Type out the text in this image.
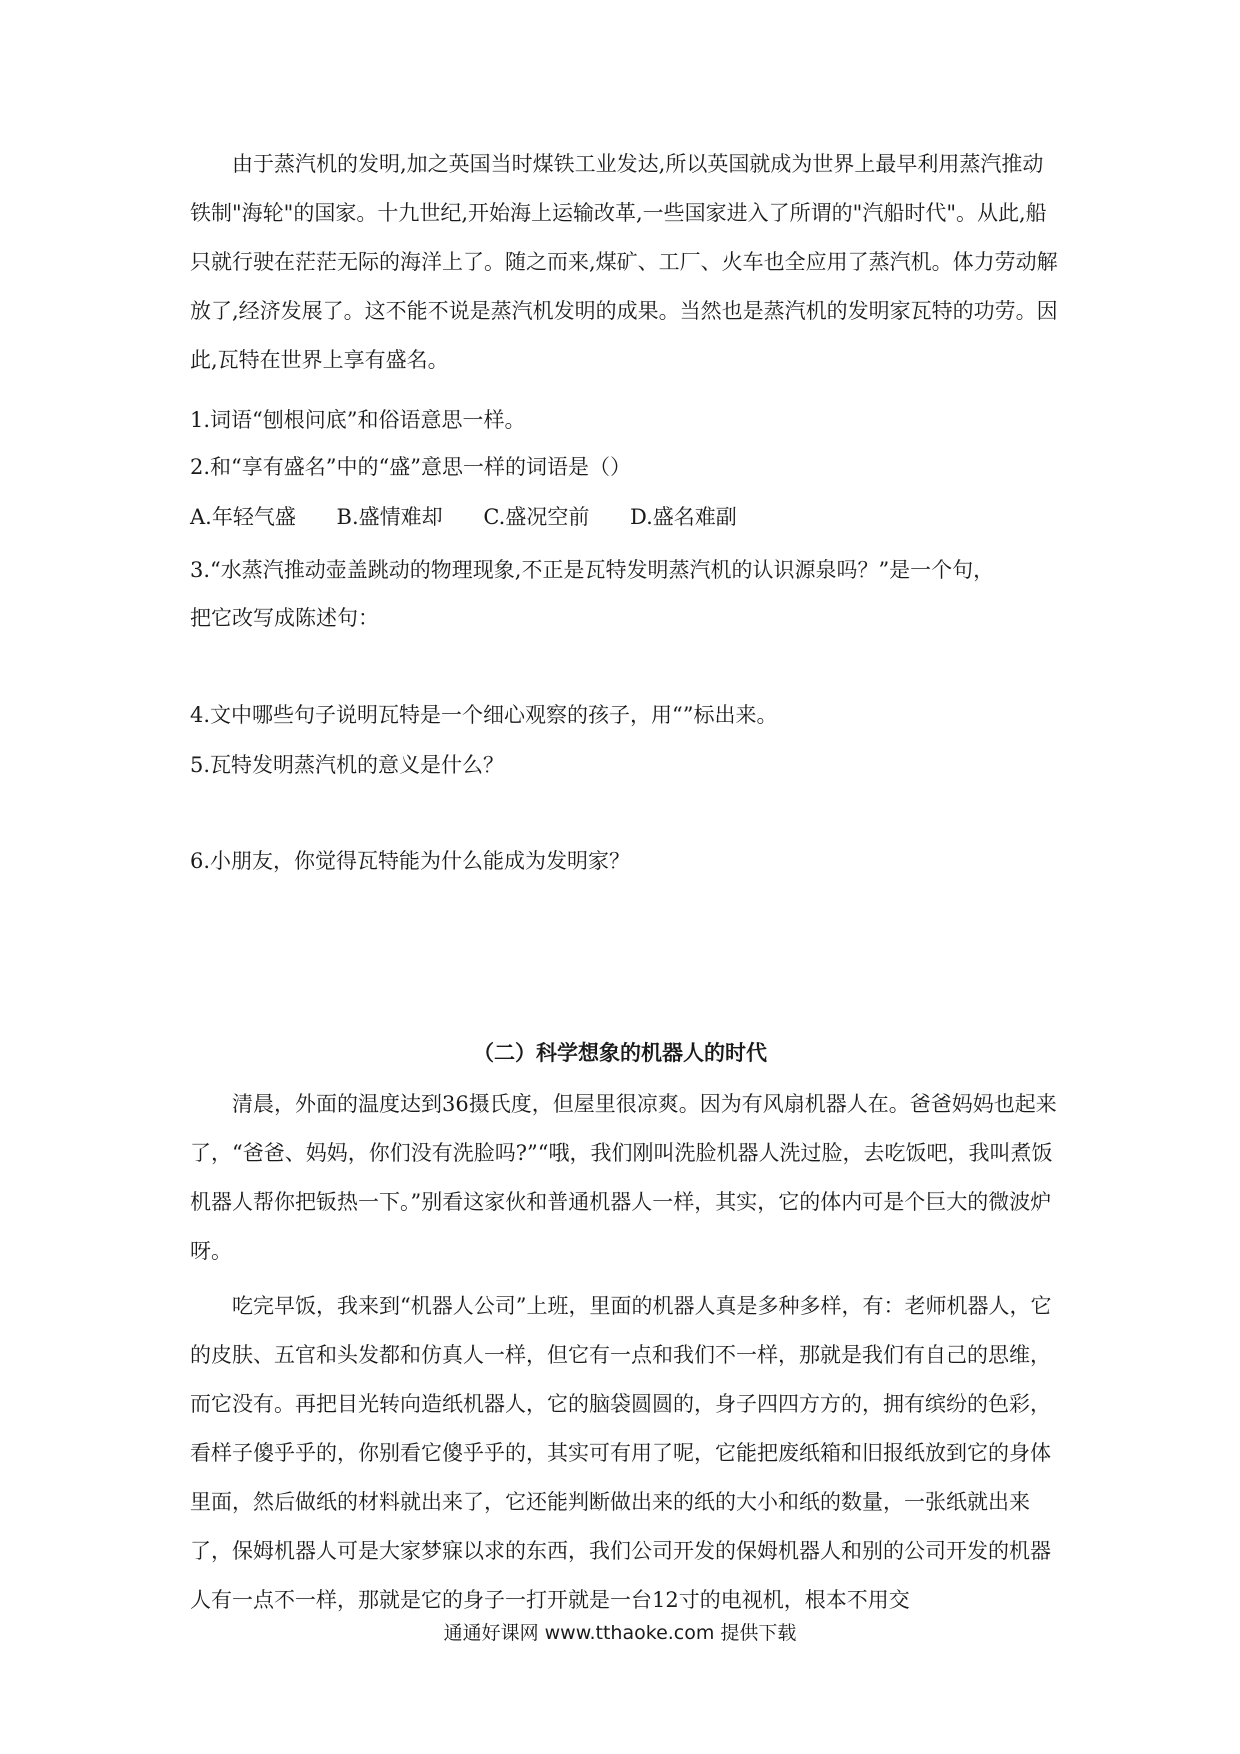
由于蒸汽机的发明,加之英国当时煤铁工业发达,所以英国就成为世界上最早利用蒸汽推动铁制"海轮"的国家。十九世纪,开始海上运输改革,一些国家进入了所谓的"汽船时代"。从此,船只就行驶在茫茫无际的海洋上了。随之而来,煤矿、工厂、火车也全应用了蒸汽机。体力劳动解放了,经济发展了。这不能不说是蒸汽机发明的成果。当然也是蒸汽机的发明家瓦特的功劳。因此,瓦特在世界上享有盛名。

1.词语“刨根问底”和俗语意思一样。
2.和“享有盛名”中的“盛”意思一样的词语是（）
A.年轻气盛 B.盛情难却 C.盛况空前 D.盛名难副
3.“水蒸汽推动壶盖跳动的物理现象,不正是瓦特发明蒸汽机的认识源泉吗？”是一个句，
把它改写成陈述句：
4.文中哪些句子说明瓦特是一个细心观察的孩子，用“”标出来。
5.瓦特发明蒸汽机的意义是什么？
6.小朋友，你觉得瓦特能为什么能成为发明家？
（二）科学想象的机器人的时代

清晨，外面的温度达到36摄氏度，但屋里很凉爽。因为有风扇机器人在。爸爸妈妈也起来了，“爸爸、妈妈，你们没有洗脸吗?”“哦，我们刚叫洗脸机器人洗过脸，去吃饭吧，我叫煮饭机器人帮你把钣热一下。”别看这家伙和普通机器人一样，其实，它的体内可是个巨大的微波炉呀。

吃完早饭，我来到“机器人公司”上班，里面的机器人真是多种多样，有：老师机器人，它的皮肤、五官和头发都和仿真人一样，但它有一点和我们不一样，那就是我们有自己的思维，而它没有。再把目光转向造纸机器人，它的脑袋圆圆的，身子四四方方的，拥有缤纷的色彩，看样子傻乎乎的，你别看它傻乎乎的，其实可有用了呢，它能把废纸箱和旧报纸放到它的身体里面，然后做纸的材料就出来了，它还能判断做出来的纸的大小和纸的数量，一张纸就出来了，保姆机器人可是大家梦寐以求的东西，我们公司开发的保姆机器人和别的公司开发的机器人有一点不一样，那就是它的身子一打开就是一台12寸的电视机，根本不用交

通通好课网 www.tthaoke.com 提供下载
